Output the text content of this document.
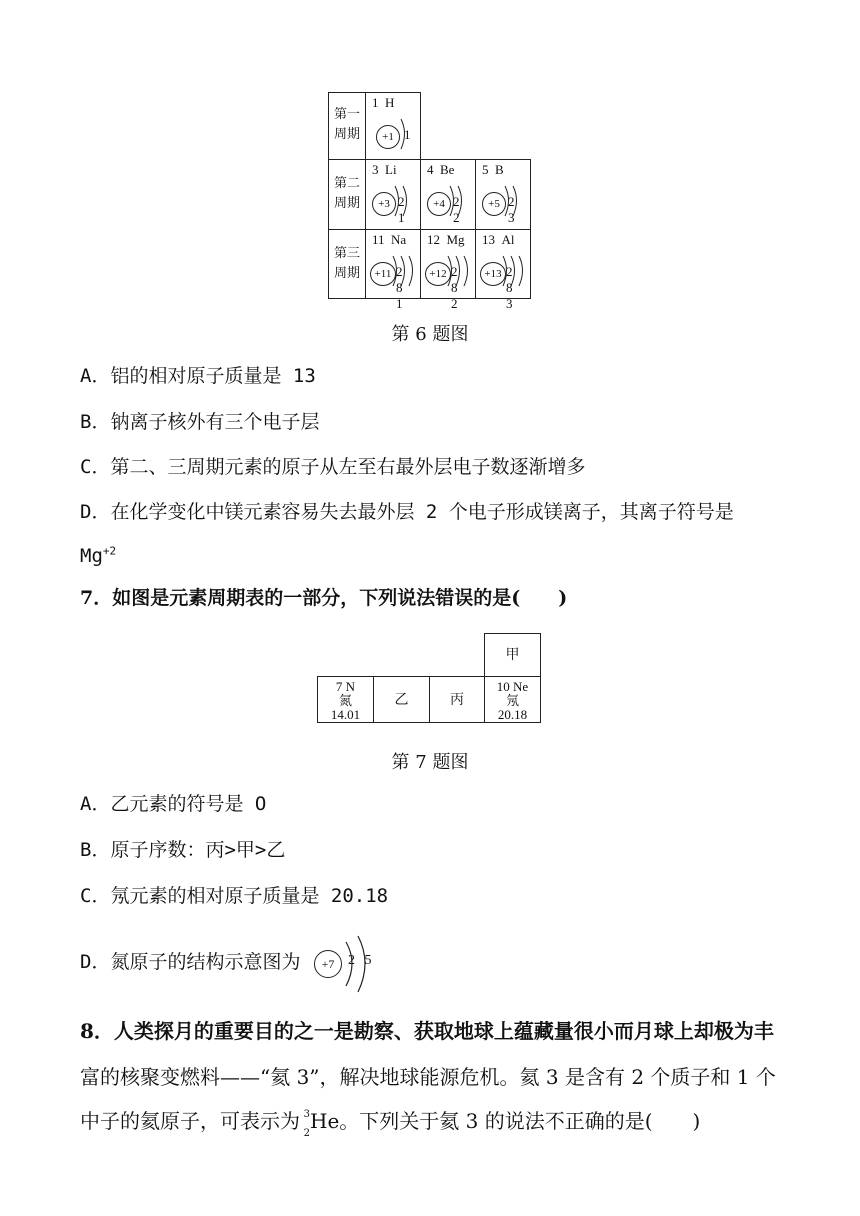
第一周期
第二周期
第三周期
1 H
+1 1
3 Li
+3 2 1
4 Be
+4 2 2
5 B
+5 2 3
11 Na
+11 2 8 1
12 Mg
+12 2 8 2
13 Al
+13 2 8 3
第 6 题图
A．铝的相对原子质量是 13
B．钠离子核外有三个电子层
C．第二、三周期元素的原子从左至右最外层电子数逐渐增多
D．在化学变化中镁元素容易失去最外层 2 个电子形成镁离子，其离子符号是
$Mg^{+2}$
7．如图是元素周期表的一部分，下列说法错误的是(　　)
甲
7 N
氮
14.01
乙	丙
10 Ne
氖
20.18
第 7 题图
A．乙元素的符号是 O
B．原子序数：丙>甲>乙
C．氖元素的相对原子质量是 20.18
D．氮原子的结构示意图为	+7 2 5
8．人类探月的重要目的之一是勘察、获取地球上蕴藏量很小而月球上却极为丰
富的核聚变燃料——“氦 3”，解决地球能源危机。氦 3 是含有 2 个质子和 1 个
中子的氦原子，可表示为 3
2 He。下列关于氦 3 的说法不正确的是(　　)
